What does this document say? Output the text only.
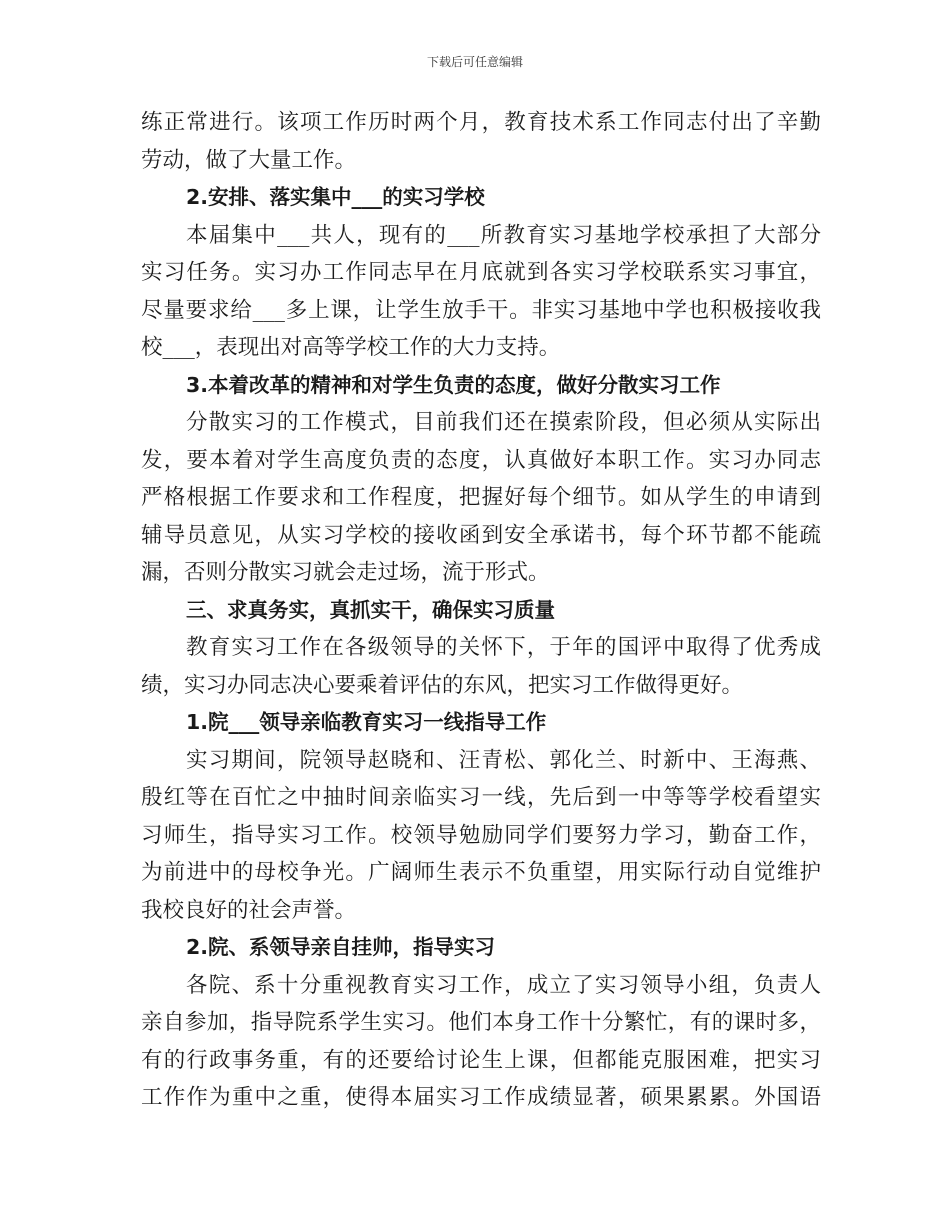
下载后可任意编辑
练正常进行。该项工作历时两个月，教育技术系工作同志付出了辛勤
劳动，做了大量工作。
2.安排、落实集中___的实习学校
本届集中___共人，现有的___所教育实习基地学校承担了大部分
实习任务。实习办工作同志早在月底就到各实习学校联系实习事宜，
尽量要求给___多上课，让学生放手干。非实习基地中学也积极接收我
校___，表现出对高等学校工作的大力支持。
3.本着改革的精神和对学生负责的态度，做好分散实习工作
分散实习的工作模式，目前我们还在摸索阶段，但必须从实际出
发，要本着对学生高度负责的态度，认真做好本职工作。实习办同志
严格根据工作要求和工作程度，把握好每个细节。如从学生的申请到
辅导员意见，从实习学校的接收函到安全承诺书，每个环节都不能疏
漏，否则分散实习就会走过场，流于形式。
三、求真务实，真抓实干，确保实习质量
教育实习工作在各级领导的关怀下，于年的国评中取得了优秀成
绩，实习办同志决心要乘着评估的东风，把实习工作做得更好。
1.院___领导亲临教育实习一线指导工作
实习期间，院领导赵晓和、汪青松、郭化兰、时新中、王海燕、
殷红等在百忙之中抽时间亲临实习一线，先后到一中等等学校看望实
习师生，指导实习工作。校领导勉励同学们要努力学习，勤奋工作，
为前进中的母校争光。广阔师生表示不负重望，用实际行动自觉维护
我校良好的社会声誉。
2.院、系领导亲自挂帅，指导实习
各院、系十分重视教育实习工作，成立了实习领导小组，负责人
亲自参加，指导院系学生实习。他们本身工作十分繁忙，有的课时多，
有的行政事务重，有的还要给讨论生上课，但都能克服困难，把实习
工作作为重中之重，使得本届实习工作成绩显著，硕果累累。外国语
